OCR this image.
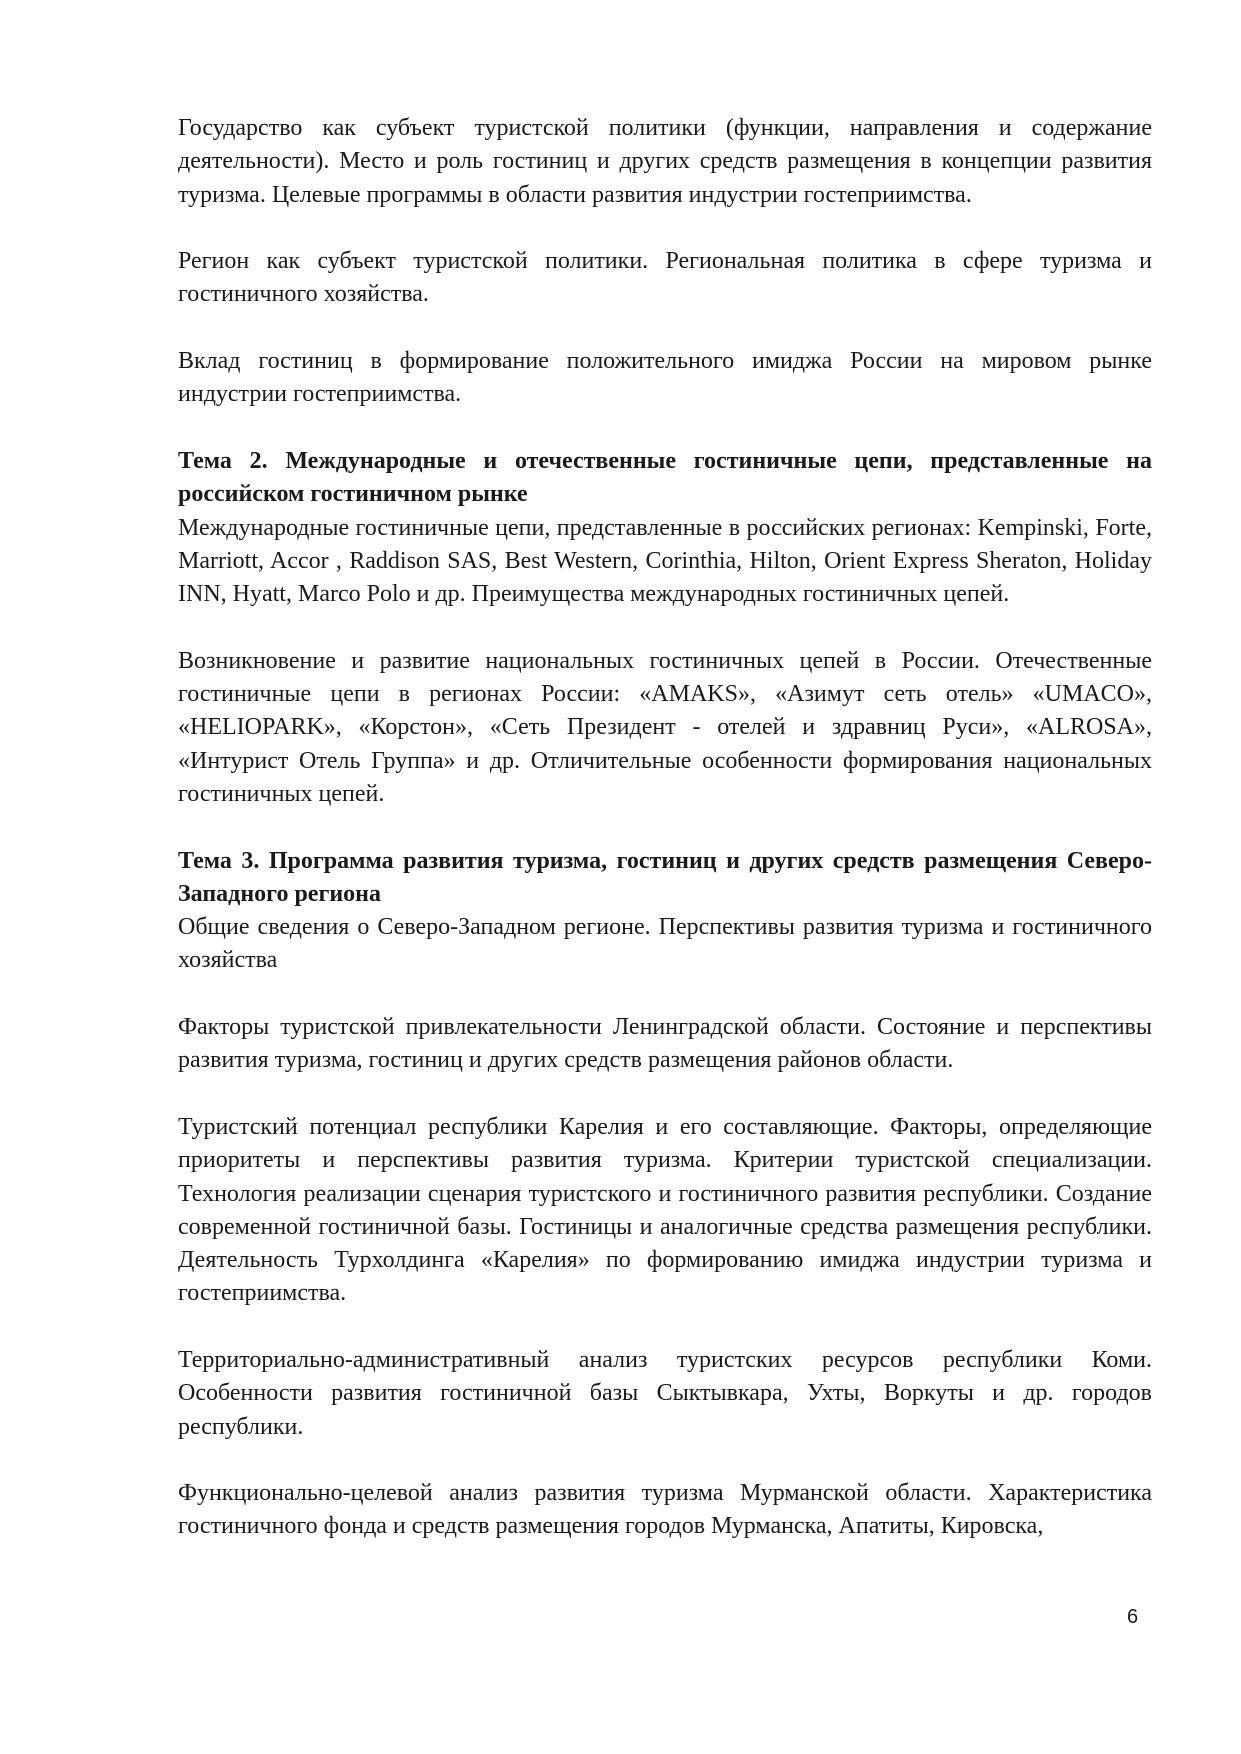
Государство как субъект туристской политики (функции, направления и содержание деятельности). Место и роль гостиниц и других средств размещения в концепции развития туризма. Целевые программы в области развития индустрии гостеприимства.

Регион как субъект туристской политики. Региональная политика в сфере туризма и гостиничного хозяйства.

Вклад гостиниц в формирование положительного имиджа России на мировом рынке индустрии гостеприимства.

Тема 2. Международные и отечественные гостиничные цепи, представленные на российском гостиничном рынке

Международные гостиничные цепи, представленные в российских регионах: Kempinski, Forte, Marriott, Accor , Raddison SAS, Best Western, Corinthia, Hilton, Orient Express Sheraton, Holiday INN, Hyatt, Marco Polo и др. Преимущества международных гостиничных цепей.

Возникновение и развитие национальных гостиничных цепей в России. Отечественные гостиничные цепи в регионах России: «AMAKS», «Азимут сеть отель» «UMACO», «HELIOPARK», «Корстон», «Сеть Президент - отелей и здравниц Руси», «ALROSA», «Интурист Отель Группа» и др. Отличительные особенности формирования национальных гостиничных цепей.

Тема 3. Программа развития туризма, гостиниц и других средств размещения Северо-Западного региона

Общие сведения о Северо-Западном регионе. Перспективы развития туризма и гостиничного хозяйства

Факторы туристской привлекательности Ленинградской области. Состояние и перспективы развития туризма, гостиниц и других средств размещения районов области.

Туристский потенциал республики Карелия и его составляющие. Факторы, определяющие приоритеты и перспективы развития туризма. Критерии туристской специализации. Технология реализации сценария туристского и гостиничного развития республики. Создание современной гостиничной базы. Гостиницы и аналогичные средства размещения республики. Деятельность Турхолдинга «Карелия» по формированию имиджа индустрии туризма и гостеприимства.

Территориально-административный анализ туристских ресурсов республики Коми. Особенности развития гостиничной базы Сыктывкара, Ухты, Воркуты и др. городов республики.

Функционально-целевой анализ развития туризма Мурманской области. Характеристика гостиничного фонда и средств размещения городов Мурманска, Апатиты, Кировска,

6
